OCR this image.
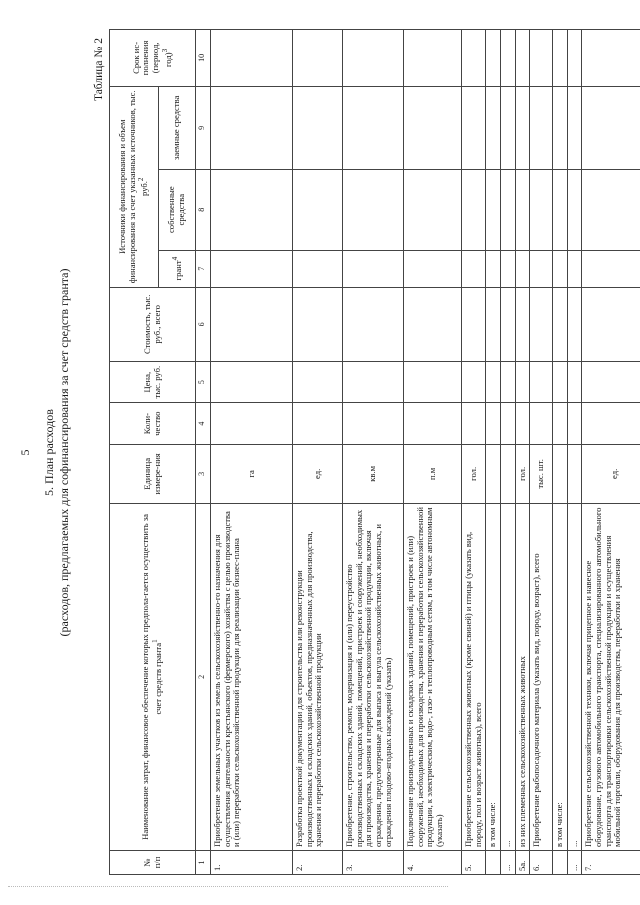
5 5. План расходов (расходов, предлагаемых для софинансирования за счет средств гранта)
Таблица № 2
№ п/п	Наименование затрат, финансовое обеспечение которых предпола-гается осуществить за счет средств гранта$^1$	Единица измере-ния	Коли-чество	Цена, тыс. руб.	Стоимость, тыс. руб., всего	Источники финансирования и объем финансирования за счет указанных источников, тыс. руб.$^2$			Срок ис-полнения (период, год)$^3$
						грант$^4$	собственные средства	заемные средства	
1	2	3	4	5	6	7	8	9	10
1.	Приобретение земельных участков из земель сельскохозяйственно-го назначения для осуществления деятельности крестьянского (фермерского) хозяйства с целью производства и (или) переработки сельскохозяйственной продукции для реализации бизнес-плана	га							
2.	Разработка проектной документации для строительства или реконструкции производственных и складских зданий, объектов, предназначенных для производства, хранения и переработки сельскохозяйственной продукции	ед.							
3.	Приобретение, строительство, ремонт, модернизация и (или) переустройство производственных и складских зданий, помещений, пристроек и сооружений, необходимых для производства, хранения и переработки сельскохозяйственной продукции, включая ограждения, предусмотренные для выпаса и выгула сельскохозяйственных животных, и ограждения плодово-ягодных насаждений (указать)	кв.м							
4.	Подключение производственных и складских зданий, помещений, пристроек и (или) сооружений, необходимых для производства, хранения и переработки сельскохозяйственной продукции, к электрическим, водо-, газо- и теплопроводным сетям, в том числе автономным (указать)	п.м							
5.	Приобретение сельскохозяйственных животных (кроме свиней) и птицы (указать вид, породу, пол и возраст животных), всего	гол.							
	в том числе:								
...	...								
5а.	из них племенных сельскохозяйственных животных	гол.							
6.	Приобретение рыбопосадочного материала (указать вид, породу, возраст), всего	тыс. шт.							
	в том числе:								
...	...								
7.	Приобретение сельскохозяйственной техники, включая прицепное и навесное оборудование, грузового автомобильного транспорта, специализированного автомобильного транспорта для транспортировки сельскохозяйственной продукции и осуществления мобильной торговли, оборудования для производства, переработки и хранения	ед.							
